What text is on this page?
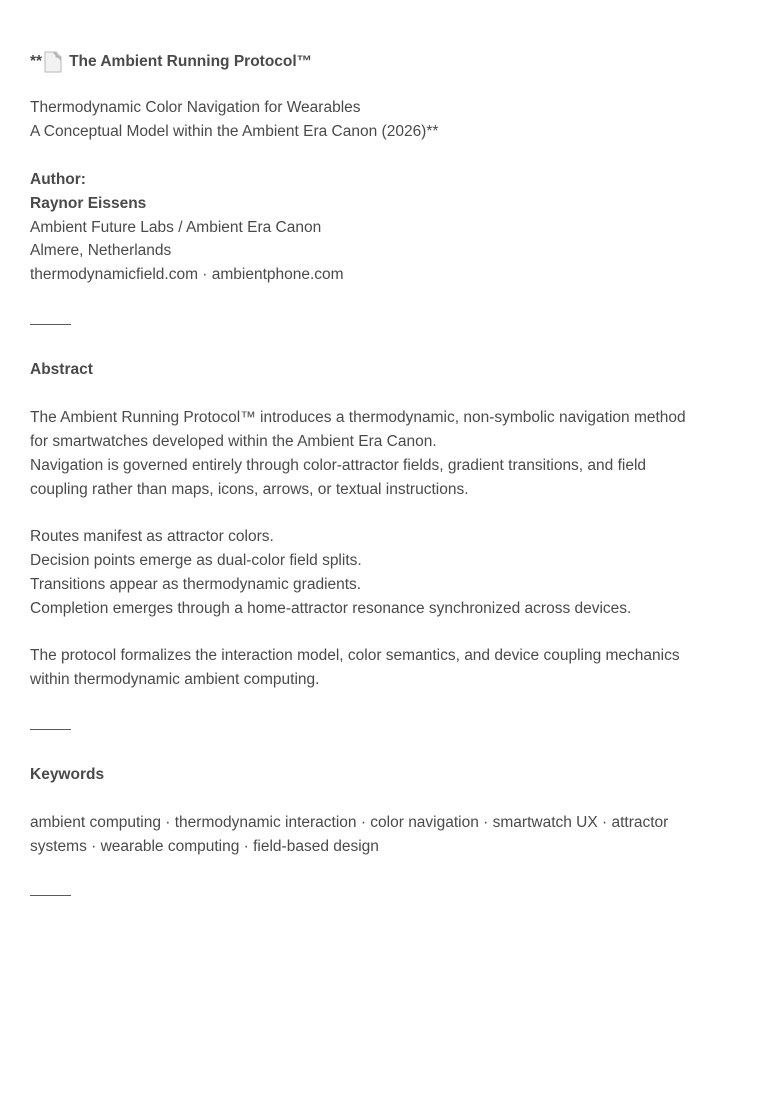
** The Ambient Running Protocol™
Thermodynamic Color Navigation for Wearables
A Conceptual Model within the Ambient Era Canon (2026)**
Author:
Raynor Eissens
Ambient Future Labs / Ambient Era Canon
Almere, Netherlands
thermodynamicfield.com · ambientphone.com
Abstract
The Ambient Running Protocol™ introduces a thermodynamic, non-symbolic navigation method
for smartwatches developed within the Ambient Era Canon.
Navigation is governed entirely through color-attractor fields, gradient transitions, and field
coupling rather than maps, icons, arrows, or textual instructions.
Routes manifest as attractor colors.
Decision points emerge as dual-color field splits.
Transitions appear as thermodynamic gradients.
Completion emerges through a home-attractor resonance synchronized across devices.
The protocol formalizes the interaction model, color semantics, and device coupling mechanics
within thermodynamic ambient computing.
Keywords
ambient computing · thermodynamic interaction · color navigation · smartwatch UX · attractor
systems · wearable computing · field-based design
